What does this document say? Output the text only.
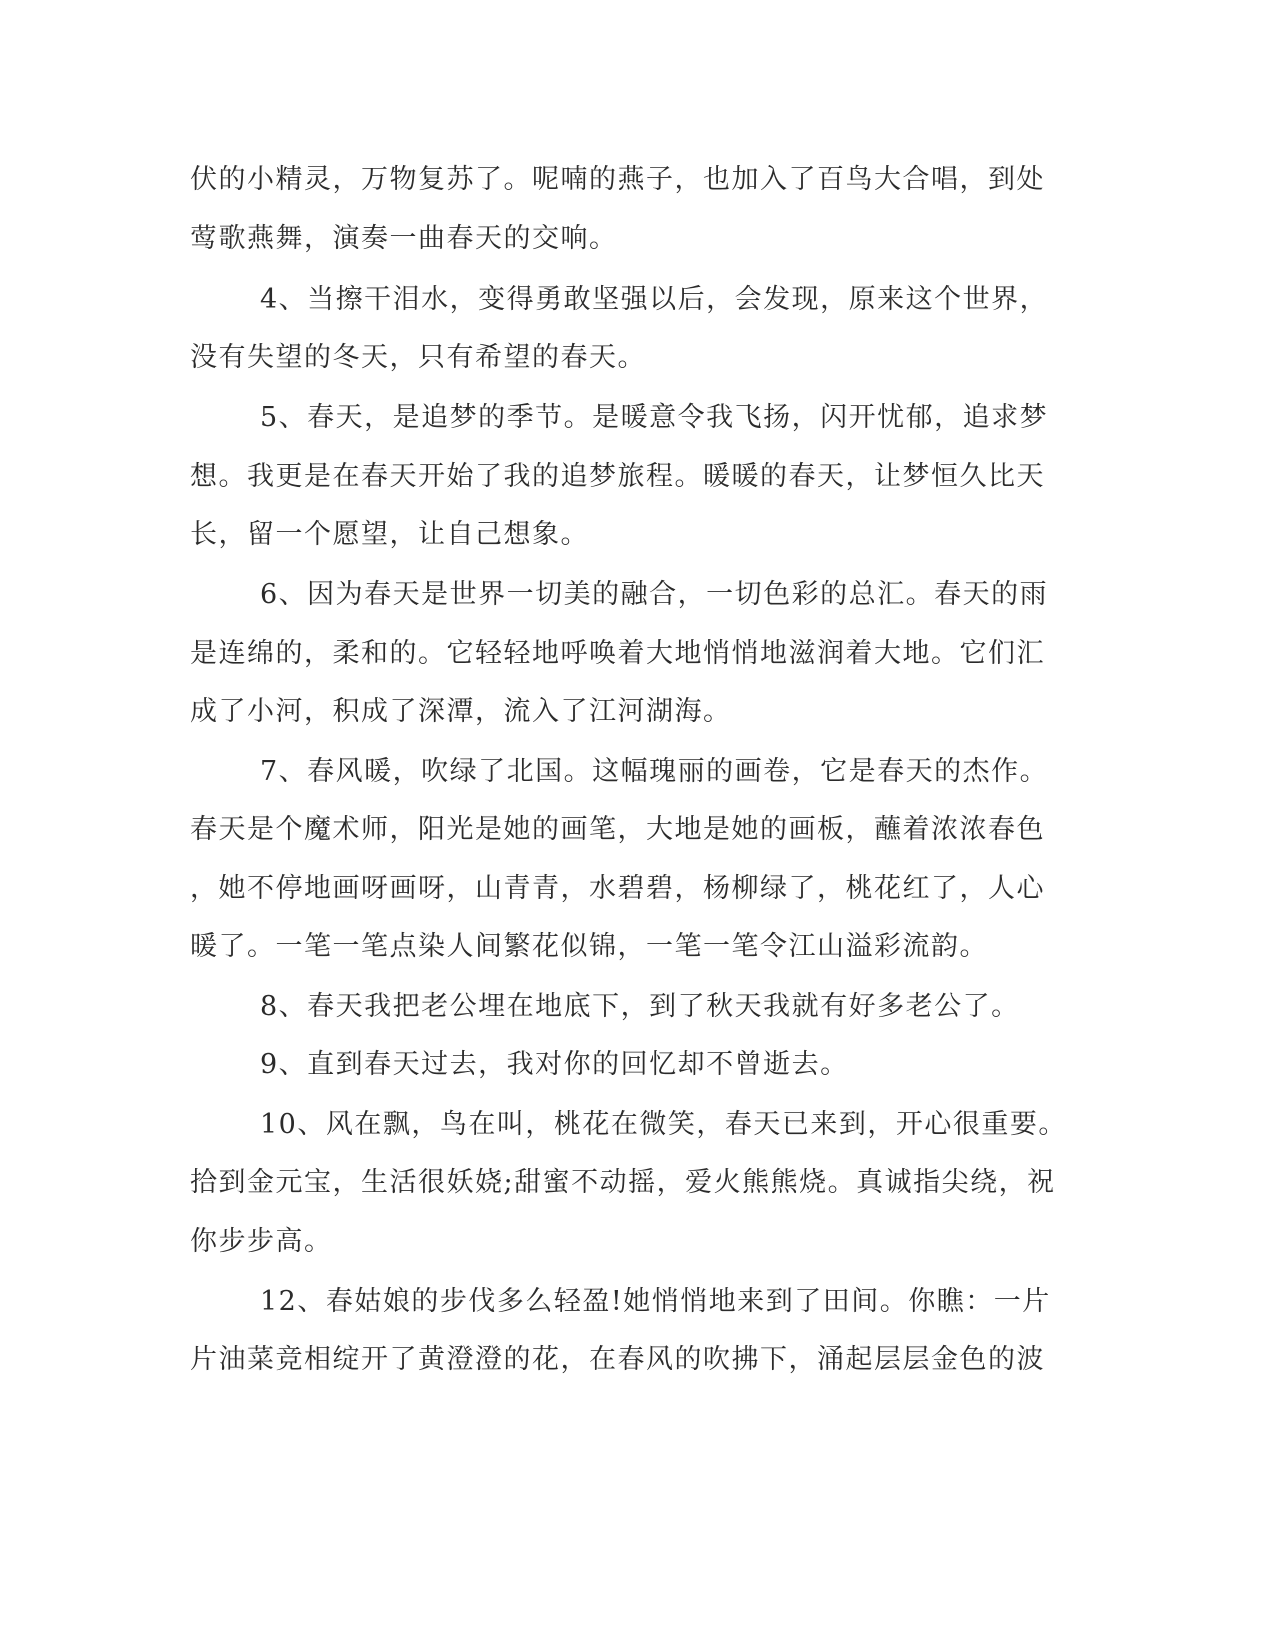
伏的小精灵，万物复苏了。呢喃的燕子，也加入了百鸟大合唱，到处
莺歌燕舞，演奏一曲春天的交响。
4、当擦干泪水，变得勇敢坚强以后，会发现，原来这个世界，
没有失望的冬天，只有希望的春天。
5、春天，是追梦的季节。是暖意令我飞扬，闪开忧郁，追求梦
想。我更是在春天开始了我的追梦旅程。暖暖的春天，让梦恒久比天
长，留一个愿望，让自己想象。
6、因为春天是世界一切美的融合，一切色彩的总汇。春天的雨
是连绵的，柔和的。它轻轻地呼唤着大地悄悄地滋润着大地。它们汇
成了小河，积成了深潭，流入了江河湖海。
7、春风暖，吹绿了北国。这幅瑰丽的画卷，它是春天的杰作。
春天是个魔术师，阳光是她的画笔，大地是她的画板，蘸着浓浓春色
，她不停地画呀画呀，山青青，水碧碧，杨柳绿了，桃花红了，人心
暖了。一笔一笔点染人间繁花似锦，一笔一笔令江山溢彩流韵。
8、春天我把老公埋在地底下，到了秋天我就有好多老公了。
9、直到春天过去，我对你的回忆却不曾逝去。
10、风在飘，鸟在叫，桃花在微笑，春天已来到，开心很重要。
拾到金元宝，生活很妖娆;甜蜜不动摇，爱火熊熊烧。真诚指尖绕，祝
你步步高。
12、春姑娘的步伐多么轻盈!她悄悄地来到了田间。你瞧：一片
片油菜竞相绽开了黄澄澄的花，在春风的吹拂下，涌起层层金色的波
